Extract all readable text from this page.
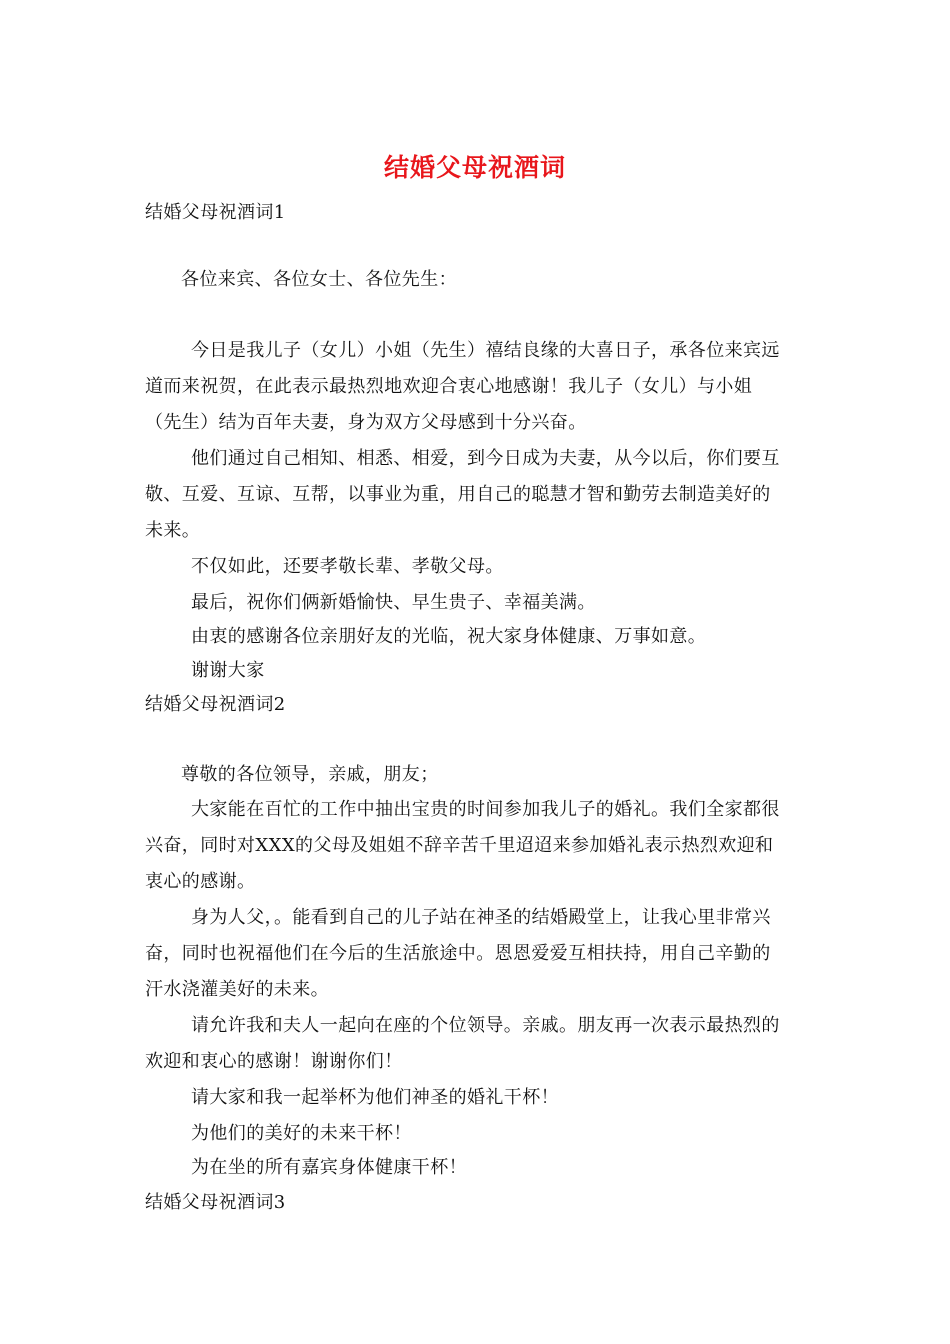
结婚父母祝酒词
结婚父母祝酒词1
各位来宾、各位女士、各位先生：
今日是我儿子（女儿）小姐（先生）禧结良缘的大喜日子，承各位来宾远
道而来祝贺，在此表示最热烈地欢迎合衷心地感谢！我儿子（女儿）与小姐
（先生）结为百年夫妻，身为双方父母感到十分兴奋。
他们通过自己相知、相悉、相爱，到今日成为夫妻，从今以后，你们要互
敬、互爱、互谅、互帮，以事业为重，用自己的聪慧才智和勤劳去制造美好的
未来。
不仅如此，还要孝敬长辈、孝敬父母。
最后，祝你们俩新婚愉快、早生贵子、幸福美满。
由衷的感谢各位亲朋好友的光临，祝大家身体健康、万事如意。
谢谢大家
结婚父母祝酒词2
尊敬的各位领导，亲戚，朋友；
大家能在百忙的工作中抽出宝贵的时间参加我儿子的婚礼。我们全家都很
兴奋，同时对XXX的父母及姐姐不辞辛苦千里迢迢来参加婚礼表示热烈欢迎和
衷心的感谢。
身为人父，。能看到自己的儿子站在神圣的结婚殿堂上，让我心里非常兴
奋，同时也祝福他们在今后的生活旅途中。恩恩爱爱互相扶持，用自己辛勤的
汗水浇灌美好的未来。
请允许我和夫人一起向在座的个位领导。亲戚。朋友再一次表示最热烈的
欢迎和衷心的感谢！谢谢你们！
请大家和我一起举杯为他们神圣的婚礼干杯！
为他们的美好的未来干杯！
为在坐的所有嘉宾身体健康干杯！
结婚父母祝酒词3
